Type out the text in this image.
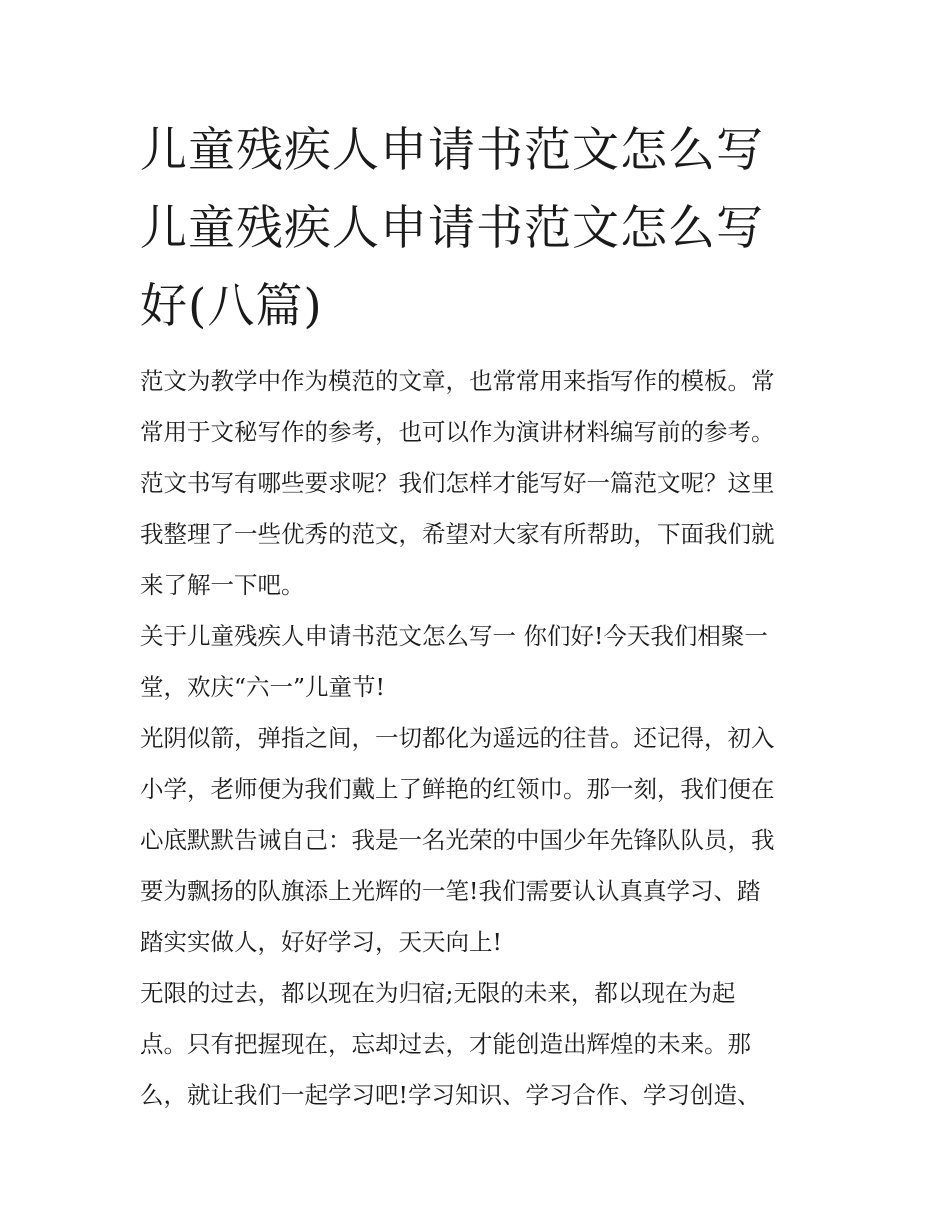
儿童残疾人申请书范文怎么写
儿童残疾人申请书范文怎么写
好(八篇)
范文为教学中作为模范的文章，也常常用来指写作的模板。常
常用于文秘写作的参考，也可以作为演讲材料编写前的参考。
范文书写有哪些要求呢？我们怎样才能写好一篇范文呢？这里
我整理了一些优秀的范文，希望对大家有所帮助，下面我们就
来了解一下吧。
关于儿童残疾人申请书范文怎么写一 你们好!今天我们相聚一
堂，欢庆“六一”儿童节!
光阴似箭，弹指之间，一切都化为遥远的往昔。还记得，初入
小学，老师便为我们戴上了鲜艳的红领巾。那一刻，我们便在
心底默默告诫自己：我是一名光荣的中国少年先锋队队员，我
要为飘扬的队旗添上光辉的一笔!我们需要认认真真学习、踏
踏实实做人，好好学习，天天向上!
无限的过去，都以现在为归宿;无限的未来，都以现在为起
点。只有把握现在，忘却过去，才能创造出辉煌的未来。那
么，就让我们一起学习吧!学习知识、学习合作、学习创造、
